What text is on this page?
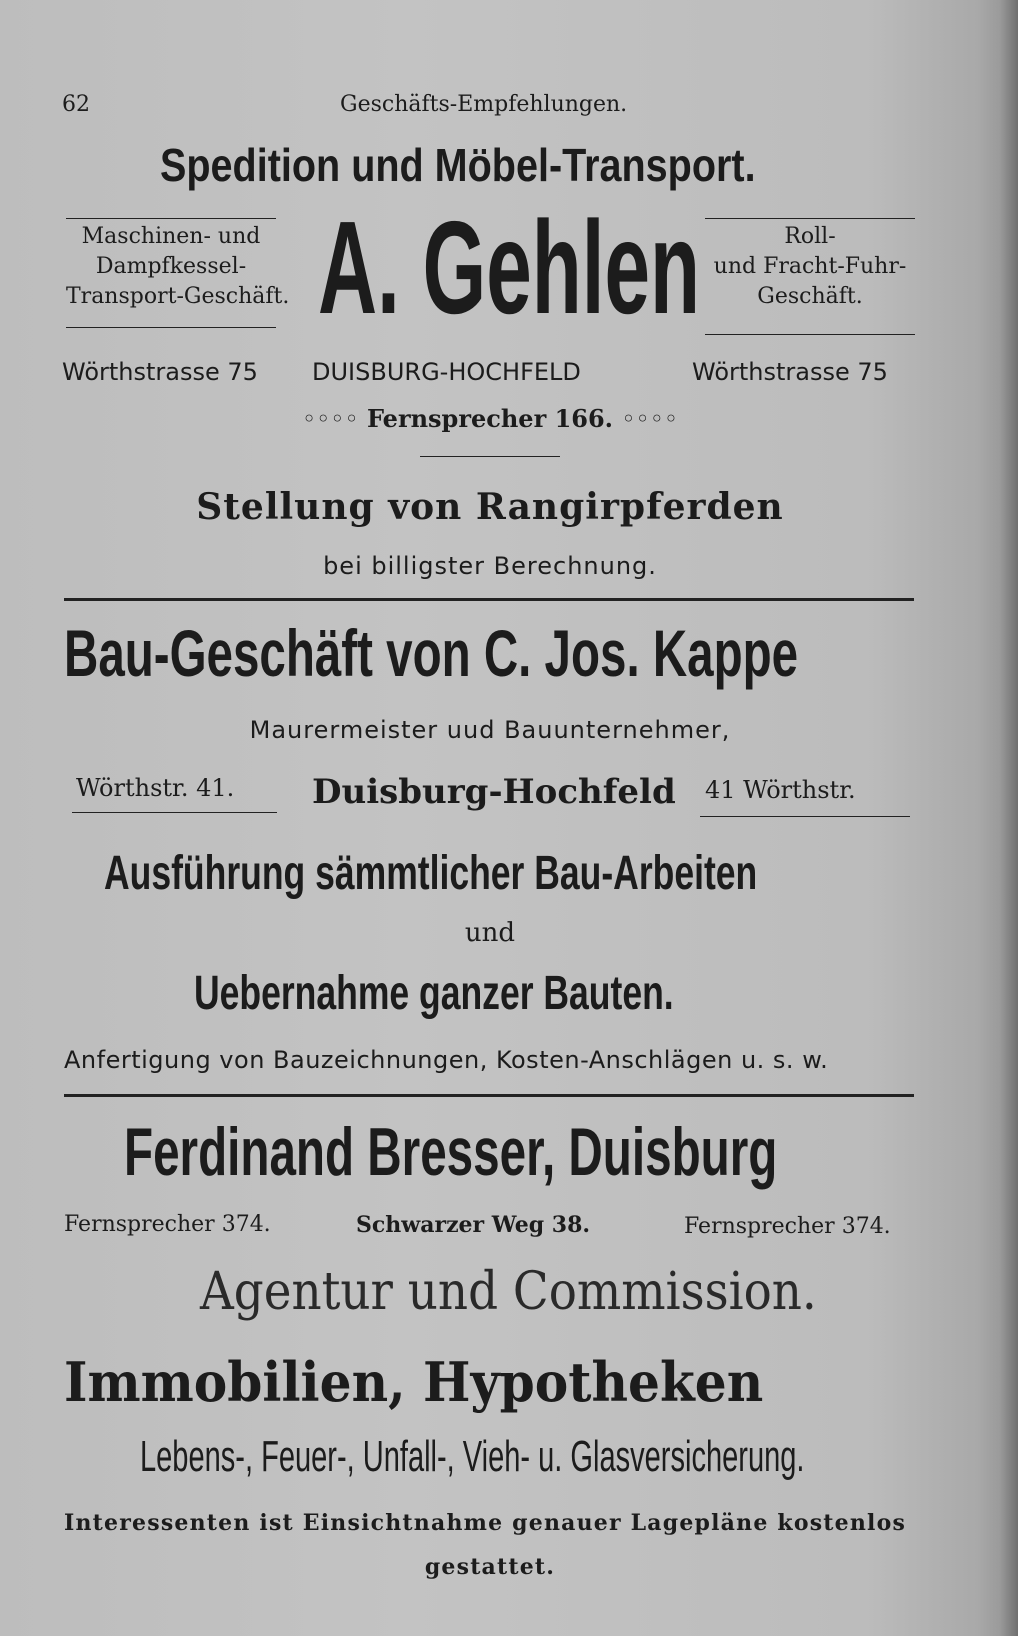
62	Geschäfts-Empfehlungen.
Spedition und Möbel-Transport.
Maschinen- und
Dampfkessel-
Transport-Geschäft. A. Gehlen	Roll-
und Fracht-Fuhr-
Geschäft.
Wörthstrasse 75 DUISBURG-HOCHFELD	Wörthstrasse 75
◦◦◦◦ Fernsprecher 166. ◦◦◦◦
Stellung von Rangirpferden
bei billigster Berechnung.
Bau-Geschäft von C. Jos. Kappe
Maurermeister uud Bauunternehmer,
Wörthstr. 41. Duisburg-Hochfeld 41 Wörthstr.
Ausführung sämmtlicher Bau-Arbeiten
und
Uebernahme ganzer Bauten.
Anfertigung von Bauzeichnungen, Kosten-Anschlägen u. s. w.
Ferdinand Bresser, Duisburg
Fernsprecher 374.	Schwarzer Weg 38.	Fernsprecher 374.
Agentur und Commission.
Immobilien, Hypotheken
Lebens-, Feuer-, Unfall-, Vieh- u. Glasversicherung.
Interessenten ist Einsichtnahme genauer Lagepläne kostenlos
gestattet.
